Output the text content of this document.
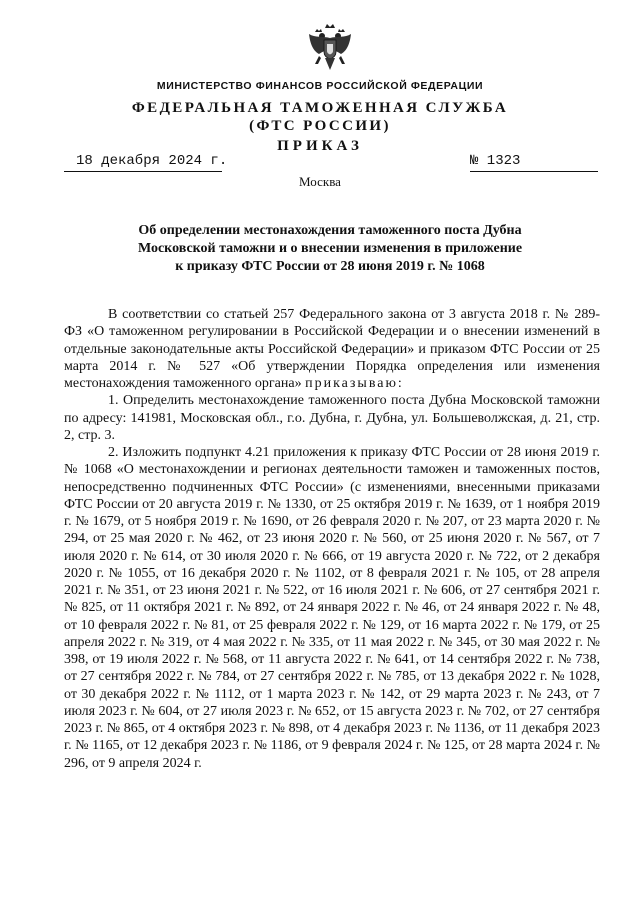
МИНИСТЕРСТВО ФИНАНСОВ РОССИЙСКОЙ ФЕДЕРАЦИИ
ФЕДЕРАЛЬНАЯ ТАМОЖЕННАЯ СЛУЖБА
(ФТС РОССИИ)
ПРИКАЗ
18 декабря 2024 г.	№ 1323
Москва
Об определении местонахождения таможенного поста Дубна
Московской таможни и о внесении изменения в приложение
к приказу ФТС России от 28 июня 2019 г. № 1068

В соответствии со статьей 257 Федерального закона от 3 августа 2018 г. № 289-ФЗ «О таможенном регулировании в Российской Федерации и о внесении изменений в отдельные законодательные акты Российской Федерации» и приказом ФТС России от 25 марта 2014 г. № 527 «Об утверждении Порядка определения или изменения местонахождения таможенного органа» приказываю:

1. Определить местонахождение таможенного поста Дубна Московской таможни по адресу: 141981, Московская обл., г.о. Дубна, г. Дубна, ул. Большеволжская, д. 21, стр. 2, стр. 3.

2. Изложить подпункт 4.21 приложения к приказу ФТС России от 28 июня 2019 г. № 1068 «О местонахождении и регионах деятельности таможен и таможенных постов, непосредственно подчиненных ФТС России» (с изменениями, внесенными приказами ФТС России от 20 августа 2019 г. № 1330, от 25 октября 2019 г. № 1639, от 1 ноября 2019 г. № 1679, от 5 ноября 2019 г. № 1690, от 26 февраля 2020 г. № 207, от 23 марта 2020 г. № 294, от 25 мая 2020 г. № 462, от 23 июня 2020 г. № 560, от 25 июня 2020 г. № 567, от 7 июля 2020 г. № 614, от 30 июля 2020 г. № 666, от 19 августа 2020 г. № 722, от 2 декабря 2020 г. № 1055, от 16 декабря 2020 г. № 1102, от 8 февраля 2021 г. № 105, от 28 апреля 2021 г. № 351, от 23 июня 2021 г. № 522, от 16 июля 2021 г. № 606, от 27 сентября 2021 г. № 825, от 11 октября 2021 г. № 892, от 24 января 2022 г. № 46, от 24 января 2022 г. № 48, от 10 февраля 2022 г. № 81, от 25 февраля 2022 г. № 129, от 16 марта 2022 г. № 179, от 25 апреля 2022 г. № 319, от 4 мая 2022 г. № 335, от 11 мая 2022 г. № 345, от 30 мая 2022 г. № 398, от 19 июля 2022 г. № 568, от 11 августа 2022 г. № 641, от 14 сентября 2022 г. № 738, от 27 сентября 2022 г. № 784, от 27 сентября 2022 г. № 785, от 13 декабря 2022 г. № 1028, от 30 декабря 2022 г. № 1112, от 1 марта 2023 г. № 142, от 29 марта 2023 г. № 243, от 7 июля 2023 г. № 604, от 27 июля 2023 г. № 652, от 15 августа 2023 г. № 702, от 27 сентября 2023 г. № 865, от 4 октября 2023 г. № 898, от 4 декабря 2023 г. № 1136, от 11 декабря 2023 г. № 1165, от 12 декабря 2023 г. № 1186, от 9 февраля 2024 г. № 125, от 28 марта 2024 г. № 296, от 9 апреля 2024 г.
